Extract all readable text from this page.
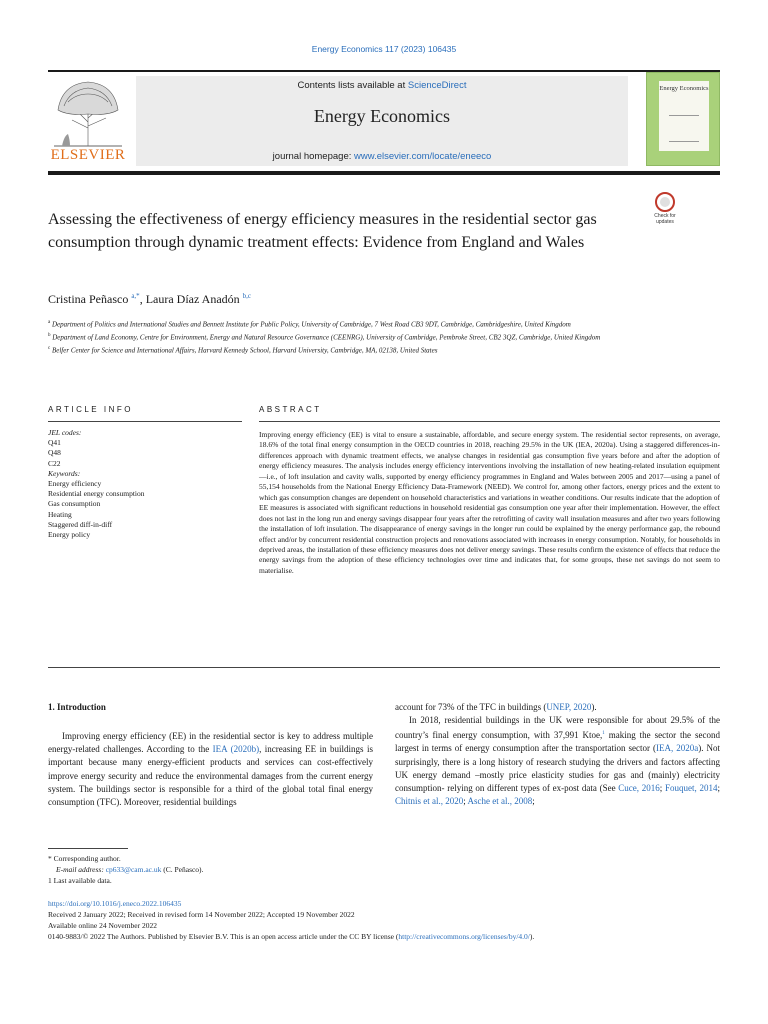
Energy Economics 117 (2023) 106435
ELSEVIER
Contents lists available at ScienceDirect
Energy Economics
journal homepage: www.elsevier.com/locate/eneeco
Energy Economics
Assessing the effectiveness of energy efficiency measures in the residential sector gas consumption through dynamic treatment effects: Evidence from England and Wales
Check for updates
Cristina Peñasco $^{a,*}$, Laura Díaz Anadón $^{b,c}$
$^a$ Department of Politics and International Studies and Bennett Institute for Public Policy, University of Cambridge, 7 West Road CB3 9DT, Cambridge, Cambridgeshire, United Kingdom
$^b$ Department of Land Economy, Centre for Environment, Energy and Natural Resource Governance (CEENRG), University of Cambridge, Pembroke Street, CB2 3QZ, Cambridge, United Kingdom
$^c$ Belfer Center for Science and International Affairs, Harvard Kennedy School, Harvard University, Cambridge, MA, 02138, United States
ARTICLE INFO	ABSTRACT
JEL codes:
Q41
Q48
C22
Keywords:
Energy efficiency
Residential energy consumption
Gas consumption
Heating
Staggered diff-in-diff
Energy policy
Improving energy efficiency (EE) is vital to ensure a sustainable, affordable, and secure energy system. The residential sector represents, on average, 18.6% of the total final energy consumption in the OECD countries in 2018, reaching 29.5% in the UK (IEA, 2020a). Using a staggered differences-in-differences approach with dynamic treatment effects, we analyse changes in residential gas consumption five years before and after the adoption of energy efficiency measures. The analysis includes energy efficiency interventions involving the installation of new heating-related insulation equipment—i.e., of loft insulation and cavity walls, supported by energy efficiency programmes in England and Wales between 2005 and 2017—using a panel of 55,154 households from the National Energy Efficiency Data-Framework (NEED). We control for, among other factors, energy prices and the extent to which gas consumption changes are dependent on household characteristics and variations in weather conditions. Our results indicate that the adoption of EE measures is associated with significant reductions in household residential gas consumption one year after their implementation. However, the effect does not last in the long run and energy savings disappear four years after the retrofitting of cavity wall insulation measures and after two years following the installation of loft insulation. The disappearance of energy savings in the longer run could be explained by the energy performance gap, the rebound effect and/or by concurrent residential construction projects and renovations associated with increases in energy consumption. Notably, for households in deprived areas, the installation of these efficiency measures does not deliver energy savings. These results confirm the existence of effects that reduce the energy savings from the adoption of these efficiency technologies over time and indicates that, for some groups, these net savings do not seem to materialise.
1. Introduction
Improving energy efficiency (EE) in the residential sector is key to address multiple energy-related challenges. According to the IEA (2020b), increasing EE in buildings is important because many energy-efficient products and services can cost-effectively improve energy security and reduce the environmental damages from the current energy system. The buildings sector is responsible for a third of the global total final energy consumption (TFC). Moreover, residential buildings
account for 73% of the TFC in buildings (UNEP, 2020).
In 2018, residential buildings in the UK were responsible for about 29.5% of the country’s final energy consumption, with 37,991 Ktoe,$^1$ making the sector the second largest in terms of energy consumption after the transportation sector (IEA, 2020a). Not surprisingly, there is a long history of research studying the drivers and factors affecting UK energy demand –mostly price elasticity studies for gas and (mainly) electricity consumption- relying on different types of ex-post data (See Cuce, 2016; Fouquet, 2014; Chitnis et al., 2020; Asche et al., 2008;
* Corresponding author.
E-mail address: cp633@cam.ac.uk (C. Peñasco).
1 Last available data.
https://doi.org/10.1016/j.eneco.2022.106435
Received 2 January 2022; Received in revised form 14 November 2022; Accepted 19 November 2022
Available online 24 November 2022
0140-9883/© 2022 The Authors. Published by Elsevier B.V. This is an open access article under the CC BY license (http://creativecommons.org/licenses/by/4.0/).
